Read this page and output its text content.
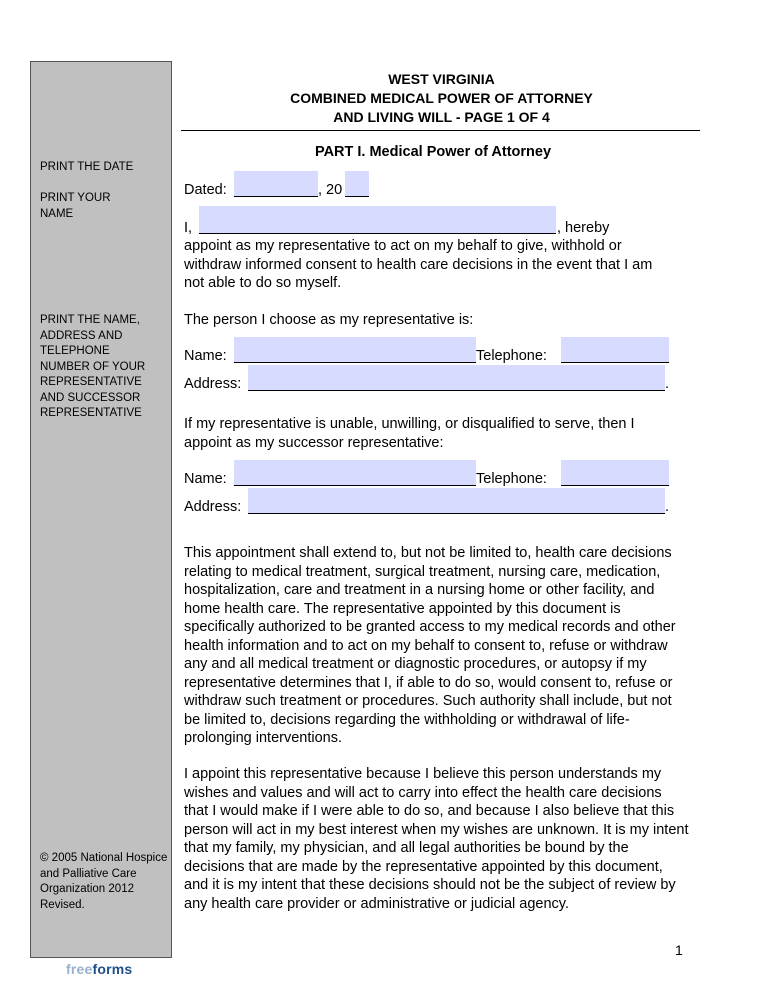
PRINT THE DATE
PRINT YOUR NAME
PRINT THE NAME, ADDRESS AND TELEPHONE NUMBER OF YOUR REPRESENTATIVE AND SUCCESSOR REPRESENTATIVE
© 2005 National Hospice and Palliative Care Organization 2012 Revised.
freeforms
WEST VIRGINIA
COMBINED MEDICAL POWER OF ATTORNEY
AND LIVING WILL - PAGE 1 OF 4
PART I. Medical Power of Attorney
Dated:	, 20
I,	, hereby
appoint as my representative to act on my behalf to give, withhold or withdraw informed consent to health care decisions in the event that I am not able to do so myself.
The person I choose as my representative is:
Name:	Telephone:
Address:	.
If my representative is unable, unwilling, or disqualified to serve, then I appoint as my successor representative:
Name:	Telephone:
Address:	.
This appointment shall extend to, but not be limited to, health care decisions relating to medical treatment, surgical treatment, nursing care, medication, hospitalization, care and treatment in a nursing home or other facility, and home health care. The representative appointed by this document is specifically authorized to be granted access to my medical records and other health information and to act on my behalf to consent to, refuse or withdraw any and all medical treatment or diagnostic procedures, or autopsy if my representative determines that I, if able to do so, would consent to, refuse or withdraw such treatment or procedures. Such authority shall include, but not be limited to, decisions regarding the withholding or withdrawal of life-prolonging interventions.
I appoint this representative because I believe this person understands my wishes and values and will act to carry into effect the health care decisions that I would make if I were able to do so, and because I also believe that this person will act in my best interest when my wishes are unknown. It is my intent that my family, my physician, and all legal authorities be bound by the decisions that are made by the representative appointed by this document, and it is my intent that these decisions should not be the subject of review by any health care provider or administrative or judicial agency.
1
